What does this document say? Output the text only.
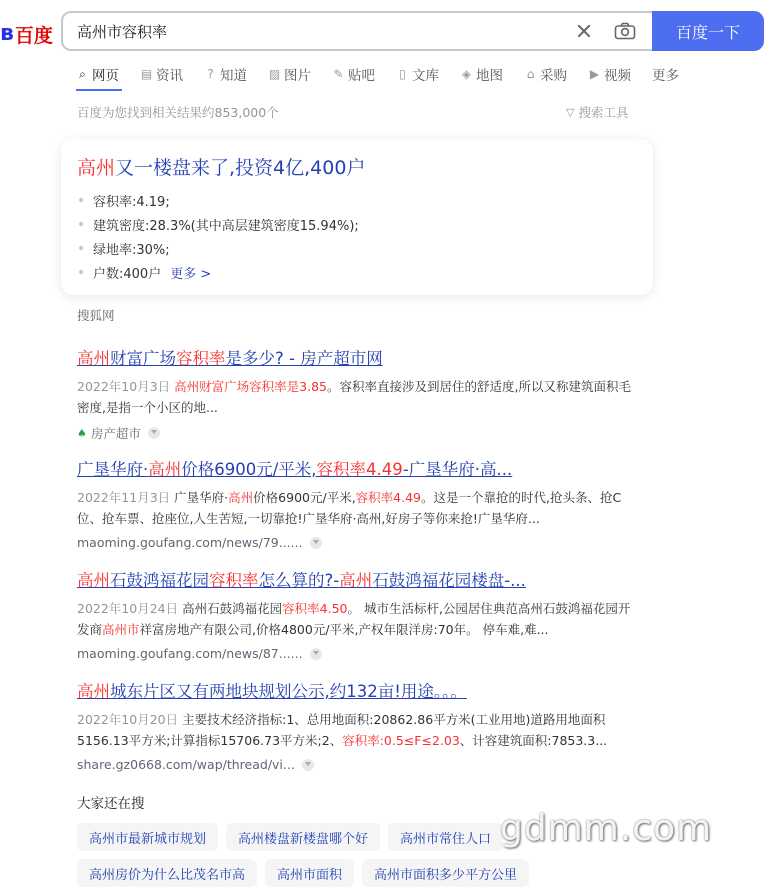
ʙ 百度
高州市容积率	百度一下
⌕ 网页 ▤ 资讯 ? 知道 ▨ 图片 ✎ 贴吧 ▯ 文库 ◈ 地图 ⌂ 采购 ▶ 视频 更多
百度为您找到相关结果约853,000个	▽ 搜索工具
高州又一楼盘来了,投资4亿,400户
容积率:4.19;
建筑密度:28.3%(其中高层建筑密度15.94%);
绿地率:30%;
户数:400户 更多 >
搜狐网
高州财富广场容积率是多少? - 房产超市网
2022年10月3日 高州财富广场容积率是3.85。容积率直接涉及到居住的舒适度,所以又称建筑面积毛密度,是指一个小区的地...
♠ 房产超市
广垦华府·高州价格6900元/平米,容积率4.49-广垦华府·高...
2022年11月3日 广垦华府·高州价格6900元/平米,容积率4.49。这是一个靠抢的时代,抢头条、抢C位、抢车票、抢座位,人生苦短,一切靠抢!广垦华府·高州,好房子等你来抢!广垦华府...
maoming.goufang.com/news/79......
高州石鼓鸿福花园容积率怎么算的?-高州石鼓鸿福花园楼盘-...
2022年10月24日 高州石鼓鸿福花园容积率4.50。 城市生活标杆,公园居住典范高州石鼓鸿福花园开发商高州市祥富房地产有限公司,价格4800元/平米,产权年限洋房:70年。 停车难,难...
maoming.goufang.com/news/87......
高州城东片区又有两地块规划公示,约132亩!用途。。。
2022年10月20日 主要技术经济指标:1、总用地面积:20862.86平方米(工业用地)道路用地面积5156.13平方米;计算指标15706.73平方米;2、容积率:0.5≤F≤2.03、计容建筑面积:7853.3...
share.gz0668.com/wap/thread/vi...
大家还在搜
高州市最新城市规划	高州楼盘新楼盘哪个好	高州市常住人口
高州房价为什么比茂名市高	高州市面积	高州市面积多少平方公里
gdmm.com
